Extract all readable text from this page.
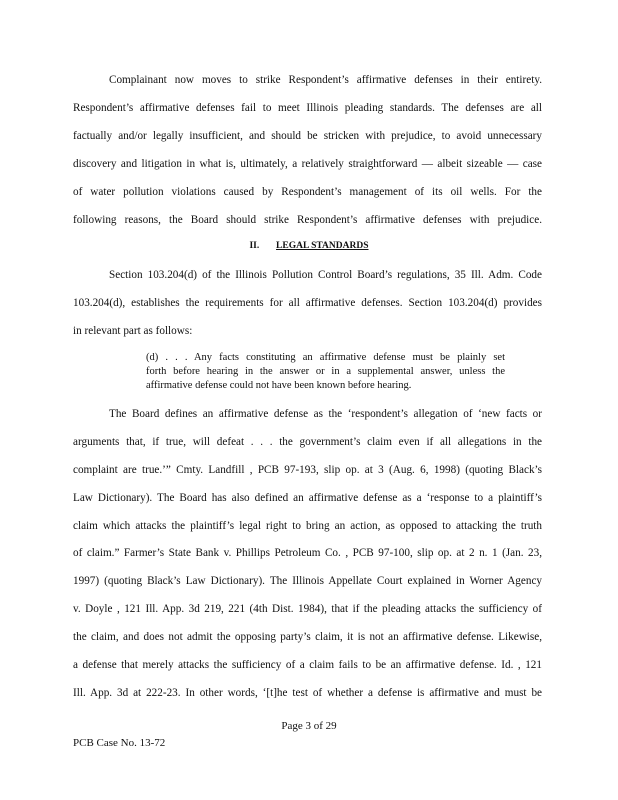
Complainant now moves to strike Respondent’s affirmative defenses in their entirety.
Respondent’s affirmative defenses fail to meet Illinois pleading standards. The defenses are all
factually and/or legally insufficient, and should be stricken with prejudice, to avoid unnecessary
discovery and litigation in what is, ultimately, a relatively straightforward — albeit sizeable — case
of water pollution violations caused by Respondent’s management of its oil wells. For the
following reasons, the Board should strike Respondent’s affirmative defenses with prejudice.
II. LEGAL STANDARDS
Section 103.204(d) of the Illinois Pollution Control Board’s regulations, 35 Ill. Adm. Code
103.204(d), establishes the requirements for all affirmative defenses. Section 103.204(d) provides
in relevant part as follows:
(d) . . . Any facts constituting an affirmative defense must be plainly set
forth before hearing in the answer or in a supplemental answer, unless the
affirmative defense could not have been known before hearing.
The Board defines an affirmative defense as the ‘respondent’s allegation of ‘new facts or
arguments that, if true, will defeat . . . the government’s claim even if all allegations in the
complaint are true.’” Cmty. Landfill , PCB 97-193, slip op. at 3 (Aug. 6, 1998) (quoting Black’s
Law Dictionary). The Board has also defined an affirmative defense as a ‘response to a plaintiff’s
claim which attacks the plaintiff’s legal right to bring an action, as opposed to attacking the truth
of claim.” Farmer’s State Bank v. Phillips Petroleum Co. , PCB 97-100, slip op. at 2 n. 1 (Jan. 23,
1997) (quoting Black’s Law Dictionary). The Illinois Appellate Court explained in Worner Agency
v. Doyle , 121 Ill. App. 3d 219, 221 (4th Dist. 1984), that if the pleading attacks the sufficiency of
the claim, and does not admit the opposing party’s claim, it is not an affirmative defense. Likewise,
a defense that merely attacks the sufficiency of a claim fails to be an affirmative defense. Id. , 121
Ill. App. 3d at 222-23. In other words, ‘[t]he test of whether a defense is affirmative and must be
Page 3 of 29
PCB Case No. 13-72
